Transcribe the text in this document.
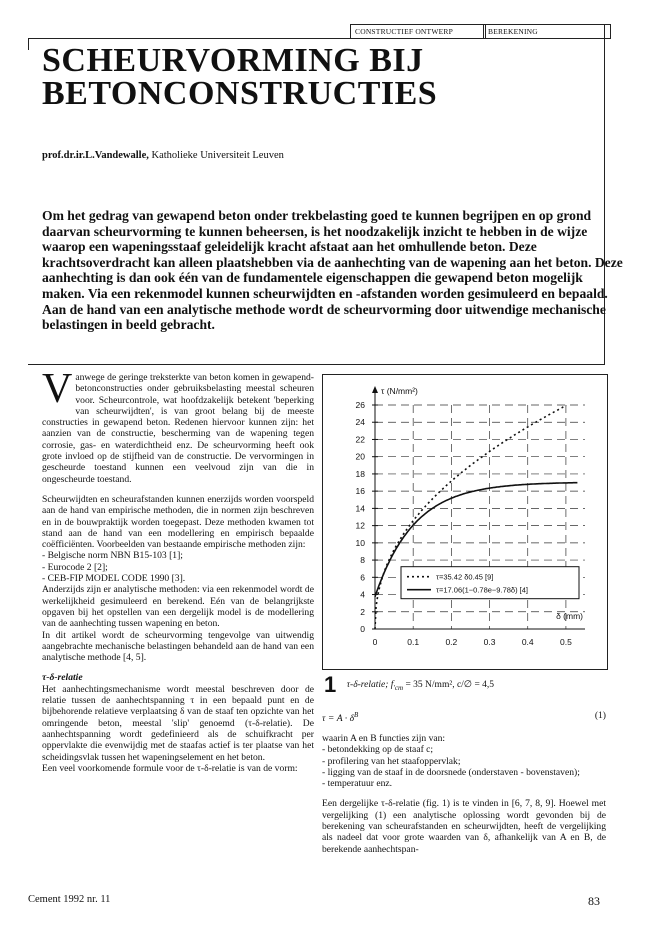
CONSTRUCTIEF ONTWERP	BEREKENING
SCHEURVORMING BIJ
BETONCONSTRUCTIES
prof.dr.ir.L.Vandewalle, Katholieke Universiteit Leuven

Om het gedrag van gewapend beton onder trekbelasting goed te kunnen begrijpen en op grond daarvan scheurvorming te kunnen beheersen, is het noodzakelijk inzicht te hebben in de wijze waarop een wapeningsstaaf geleidelijk kracht afstaat aan het omhullende beton. Deze krachtsoverdracht kan alleen plaatshebben via de aanhechting van de wapening aan het beton. Deze aanhechting is dan ook één van de fundamentele eigenschappen die gewapend beton mogelijk maken. Via een rekenmodel kunnen scheurwijdten en -afstanden worden gesimuleerd en bepaald. Aan de hand van een analytische methode wordt de scheurvorming door uitwendige mechanische belastingen in beeld gebracht.

Vanwege de geringe treksterkte van beton komen in gewapend-betonconstructies onder gebruiksbelasting meestal scheuren voor. Scheurcontrole, wat hoofdzakelijk betekent 'beperking van scheurwijdten', is van groot belang bij de meeste constructies in gewapend beton. Redenen hiervoor kunnen zijn: het aanzien van de constructie, bescherming van de wapening tegen corrosie, gas- en waterdichtheid enz. De scheurvorming heeft ook grote invloed op de stijfheid van de constructie. De vervormingen in gescheurde toestand kunnen een veelvoud zijn van die in ongescheurde toestand.

Scheurwijdten en scheurafstanden kunnen enerzijds worden voorspeld aan de hand van empirische methoden, die in normen zijn beschreven en in de bouwpraktijk worden toegepast. Deze methoden kwamen tot stand aan de hand van een modellering en empirisch bepaalde coëfficiënten. Voorbeelden van bestaande empirische methoden zijn:

- Belgische norm NBN B15-103 [1];

- Eurocode 2 [2];

- CEB-FIP MODEL CODE 1990 [3].

Anderzijds zijn er analytische methoden: via een rekenmodel wordt de werkelijkheid gesimuleerd en berekend. Eén van de belangrijkste opgaven bij het opstellen van een dergelijk model is de modellering van de aanhechting tussen wapening en beton.

In dit artikel wordt de scheurvorming tengevolge van uitwendig aangebrachte mechanische belastingen behandeld aan de hand van een analytische methode [4, 5].

τ-δ-relatie

Het aanhechtingsmechanisme wordt meestal beschreven door de relatie tussen de aanhechtspanning τ in een bepaald punt en de bijbehorende relatieve verplaatsing δ van de staaf ten opzichte van het omringende beton, meestal 'slip' genoemd (τ-δ-relatie). De aanhechtspanning wordt gedefinieerd als de schuifkracht per oppervlakte die evenwijdig met de staafas actief is ter plaatse van het scheidingsvlak tussen het wapeningselement en het beton.

Een veel voorkomende formule voor de τ-δ-relatie is van de vorm:

0
2
4
6
8
10
12
14
16
18
20
22
24
26
0	0.1	0.2	0.3	0.4	0.5
τ (N/mm²)
δ (mm)
τ=35.42 δ0.45 [9]
τ=17.06(1−0.78e−9.78δ) [4]
1 τ-δ-relatie; $f_{'cm} = 35$ N/mm², c/∅ = 4,5

$\tau = A \cdot \delta^B$	(1)

waarin A en B functies zijn van:

- betondekking op de staaf c;

- profilering van het staafoppervlak;

- ligging van de staaf in de doorsnede (onderstaven - bovenstaven);

- temperatuur enz.

Een dergelijke τ-δ-relatie (fig. 1) is te vinden in [6, 7, 8, 9]. Hoewel met vergelijking (1) een analytische oplossing wordt gevonden bij de berekening van scheurafstanden en scheurwijdten, heeft de vergelijking als nadeel dat voor grote waarden van δ, afhankelijk van A en B, de berekende aanhechtspan-

Cement 1992 nr. 11	83
